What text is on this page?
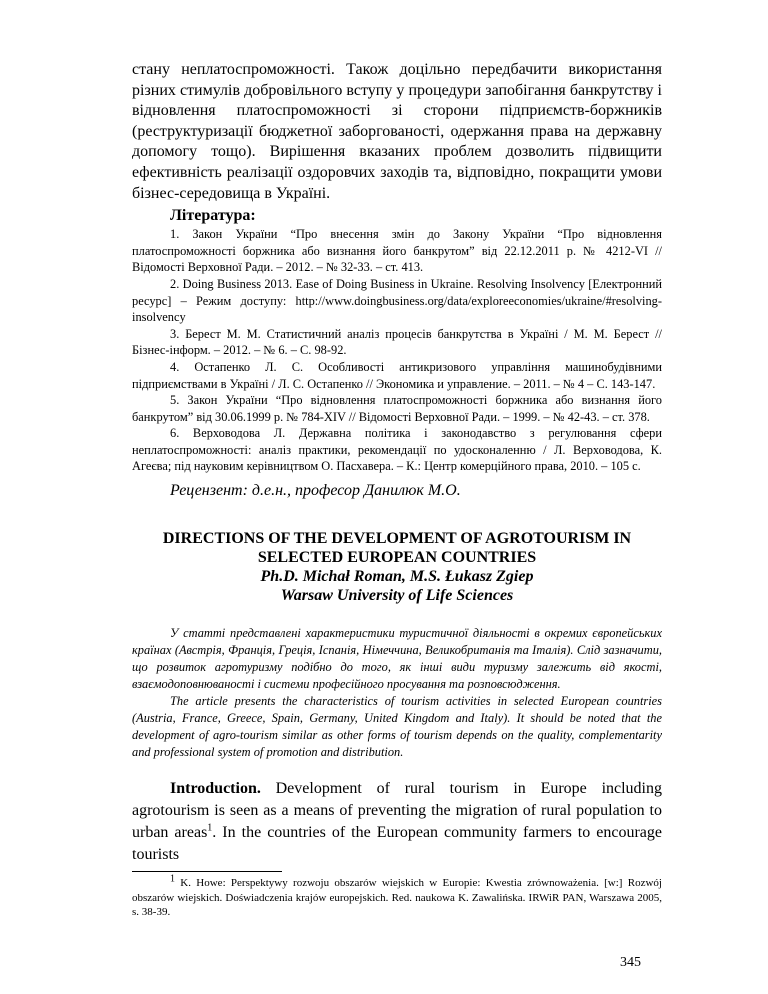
стану неплатоспроможності. Також доцільно передбачити використання різних стимулів добровільного вступу у процедури запобігання банкрутству і відновлення платоспроможності зі сторони підприємств-боржників (реструктуризації бюджетної заборгованості, одержання права на державну допомогу тощо). Вирішення вказаних проблем дозволить підвищити ефективність реалізації оздоровчих заходів та, відповідно, покращити умови бізнес-середовища в Україні.

Література:

1. Закон України “Про внесення змін до Закону України “Про відновлення платоспроможності боржника або визнання його банкрутом” від 22.12.2011 р. № 4212-VI // Відомості Верховної Ради. – 2012. – № 32-33. – ст. 413.

2. Doing Business 2013. Ease of Doing Business in Ukraine. Resolving Insolvency [Електронний ресурс] – Режим доступу: http://www.doingbusiness.org/data/exploreeconomies/ukraine/#resolving-insolvency

3. Берест М. М. Статистичний аналіз процесів банкрутства в Україні / М. М. Берест // Бізнес-інформ. – 2012. – № 6. – С. 98-92.

4. Остапенко Л. С. Особливості антикризового управління машинобудівними підприємствами в Україні / Л. С. Остапенко // Экономика и управление. – 2011. – № 4 – С. 143-147.

5. Закон України “Про відновлення платоспроможності боржника або визнання його банкрутом” від 30.06.1999 р. № 784-XIV // Відомості Верховної Ради. – 1999. – № 42-43. – ст. 378.

6. Верховодова Л. Державна політика і законодавство з регулювання сфери неплатоспроможності: аналіз практики, рекомендації по удосконаленню / Л. Верховодова, К. Агеєва; під науковим керівництвом О. Пасхавера. – К.: Центр комерційного права, 2010. – 105 с.

Рецензент: д.е.н., професор Данилюк М.О.

DIRECTIONS OF THE DEVELOPMENT OF AGROTOURISM IN
SELECTED EUROPEAN COUNTRIES
Ph.D. Michał Roman, M.S. Łukasz Zgiep
Warsaw University of Life Sciences

У статті представлені характеристики туристичної діяльності в окремих європейських країнах (Австрія, Франція, Греція, Іспанія, Німеччина, Великобританія та Італія). Слід зазначити, що розвиток агротуризму подібно до того, як інші види туризму залежить від якості, взаємодоповнюваності і системи професійного просування та розповсюдження.

The article presents the characteristics of tourism activities in selected European countries (Austria, France, Greece, Spain, Germany, United Kingdom and Italy). It should be noted that the development of agro-tourism similar as other forms of tourism depends on the quality, complementarity and professional system of promotion and distribution.

Introduction. Development of rural tourism in Europe including agrotourism is seen as a means of preventing the migration of rural population to urban areas$^1$. In the countries of the European community farmers to encourage tourists

$^1$ K. Howe: Perspektywy rozwoju obszarów wiejskich w Europie: Kwestia zrównoważenia. [w:] Rozwój obszarów wiejskich. Doświadczenia krajów europejskich. Red. naukowa K. Zawalińska. IRWiR PAN, Warszawa 2005, s. 38-39.

345
